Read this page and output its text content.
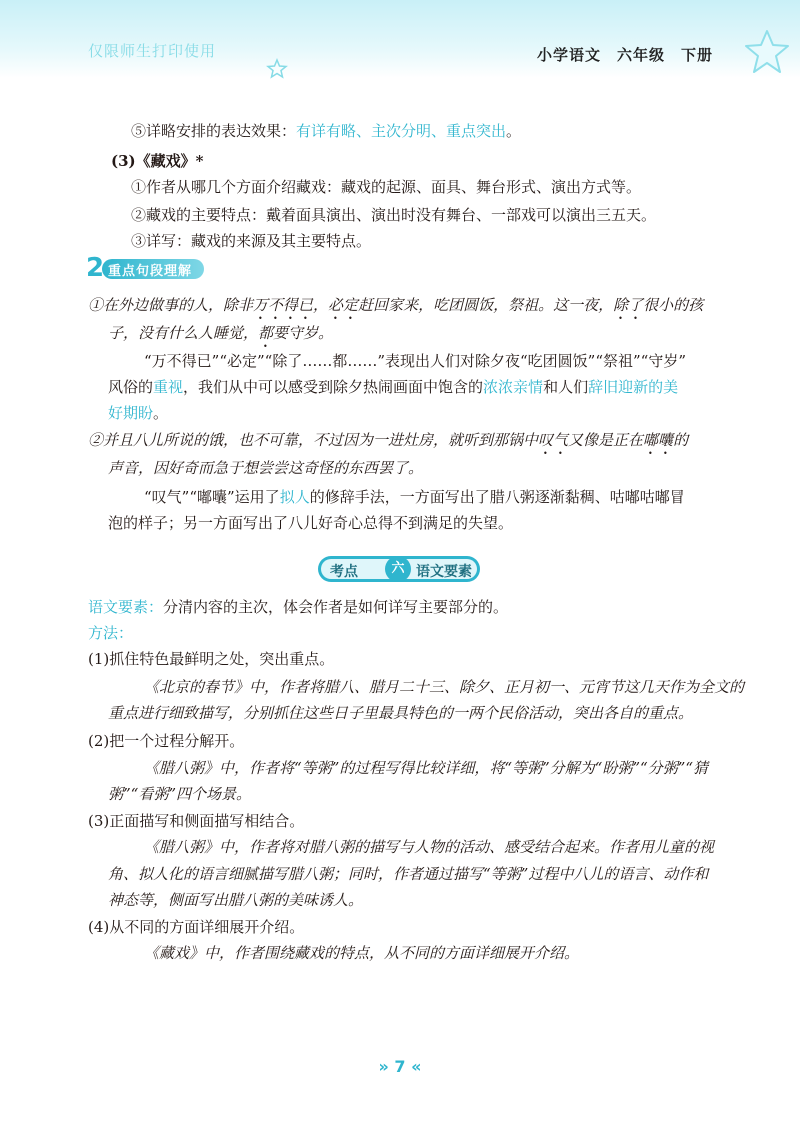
仅限师生打印使用	小学语文　六年级　下册
⑤详略安排的表达效果：有详有略、主次分明、重点突出。
(3)《藏戏》*
①作者从哪几个方面介绍藏戏：藏戏的起源、面具、舞台形式、演出方式等。
②藏戏的主要特点：戴着面具演出、演出时没有舞台、一部戏可以演出三五天。
③详写：藏戏的来源及其主要特点。
2 重点句段理解
①在外边做事的人，除非万不得已，必定赶回家来，吃团圆饭，祭祖。这一夜，除了很小的孩
子，没有什么人睡觉，都要守岁。
“万不得已”“必定”“除了……都……”表现出人们对除夕夜“吃团圆饭”“祭祖”“守岁”
风俗的重视，我们从中可以感受到除夕热闹画面中饱含的浓浓亲情和人们辞旧迎新的美
好期盼。
②并且八儿所说的饿，也不可靠，不过因为一进灶房，就听到那锅中叹气又像是正在嘟囔的
声音，因好奇而急于想尝尝这奇怪的东西罢了。
“叹气”“嘟囔”运用了拟人的修辞手法，一方面写出了腊八粥逐渐黏稠、咕嘟咕嘟冒
泡的样子；另一方面写出了八儿好奇心总得不到满足的失望。
考点	六 语文要素
语文要素：分清内容的主次，体会作者是如何详写主要部分的。
方法：
(1)抓住特色最鲜明之处，突出重点。
《北京的春节》中，作者将腊八、腊月二十三、除夕、正月初一、元宵节这几天作为全文的
重点进行细致描写，分别抓住这些日子里最具特色的一两个民俗活动，突出各自的重点。
(2)把一个过程分解开。
《腊八粥》中，作者将“等粥”的过程写得比较详细，将“等粥”分解为“盼粥”“分粥”“猜
粥”“看粥”四个场景。
(3)正面描写和侧面描写相结合。
《腊八粥》中，作者将对腊八粥的描写与人物的活动、感受结合起来。作者用儿童的视
角、拟人化的语言细腻描写腊八粥；同时，作者通过描写“等粥”过程中八儿的语言、动作和
神态等，侧面写出腊八粥的美味诱人。
(4)从不同的方面详细展开介绍。
《藏戏》中，作者围绕藏戏的特点，从不同的方面详细展开介绍。
» 7 «
